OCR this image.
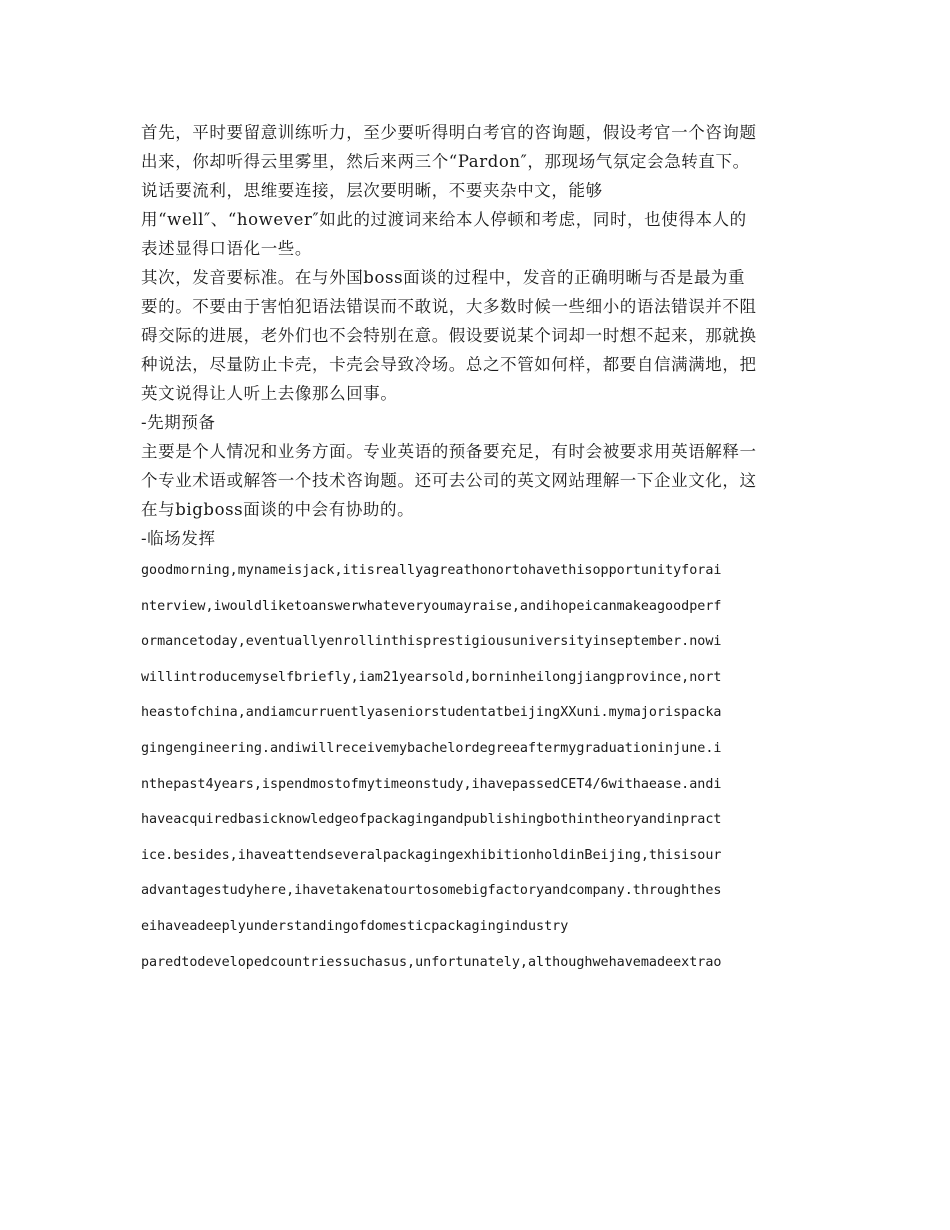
首先，平时要留意训练听力，至少要听得明白考官的咨询题，假设考官一个咨询题
出来，你却听得云里雾里，然后来两三个“Pardon″，那现场气氛定会急转直下。
说话要流利，思维要连接，层次要明晰，不要夹杂中文，能够
用“well″、“however″如此的过渡词来给本人停顿和考虑，同时，也使得本人的
表述显得口语化一些。
其次，发音要标准。在与外国boss面谈的过程中，发音的正确明晰与否是最为重
要的。不要由于害怕犯语法错误而不敢说，大多数时候一些细小的语法错误并不阻
碍交际的进展，老外们也不会特别在意。假设要说某个词却一时想不起来，那就换
种说法，尽量防止卡壳，卡壳会导致冷场。总之不管如何样，都要自信满满地，把
英文说得让人听上去像那么回事。
-先期预备
主要是个人情况和业务方面。专业英语的预备要充足，有时会被要求用英语解释一
个专业术语或解答一个技术咨询题。还可去公司的英文网站理解一下企业文化，这
在与bigboss面谈的中会有协助的。
-临场发挥
goodmorning,mynameisjack,itisreallyagreathonortohavethisopportunityforai
nterview,iwouldliketoanswerwhateveryoumayraise,andihopeicanmakeagoodperf
ormancetoday,eventuallyenrollinthisprestigiousuniversityinseptember.nowi
willintroducemyselfbriefly,iam21yearsold,borninheilongjiangprovince,nort
heastofchina,andiamcurruentlyaseniorstudentatbeijingXXuni.mymajorispacka
gingengineering.andiwillreceivemybachelordegreeaftermygraduationinjune.i
nthepast4years,ispendmostofmytimeonstudy,ihavepassedCET4/6withaease.andi
haveacquiredbasicknowledgeofpackagingandpublishingbothintheoryandinpract
ice.besides,ihaveattendseveralpackagingexhibitionholdinBeijing,thisisour
advantagestudyhere,ihavetakenatourtosomebigfactoryandcompany.throughthes
eihaveadeeplyunderstandingofdomesticpackagingindustry
paredtodevelopedcountriessuchasus,unfortunately,althoughwehavemadeextrao
